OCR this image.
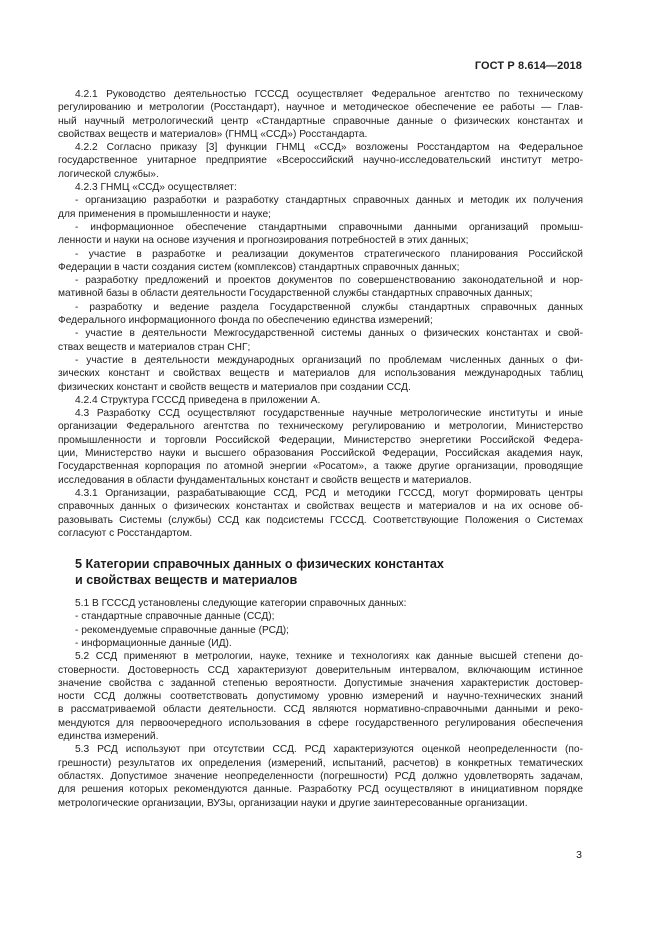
ГОСТ Р 8.614—2018
4.2.1 Руководство деятельностью ГСССД осуществляет Федеральное агентство по техническому
регулированию и метрологии (Росстандарт), научное и методическое обеспечение ее работы — Глав-
ный научный метрологический центр «Стандартные справочные данные о физических константах и
свойствах веществ и материалов» (ГНМЦ «ССД») Росстандарта.
4.2.2 Согласно приказу [3] функции ГНМЦ «ССД» возложены Росстандартом на Федеральное
государственное унитарное предприятие «Всероссийский научно-исследовательский институт метро-
логической службы».
4.2.3 ГНМЦ «ССД» осуществляет:
- организацию разработки и разработку стандартных справочных данных и методик их получения
для применения в промышленности и науке;
- информационное обеспечение стандартными справочными данными организаций промыш-
ленности и науки на основе изучения и прогнозирования потребностей в этих данных;
- участие в разработке и реализации документов стратегического планирования Российской
Федерации в части создания систем (комплексов) стандартных справочных данных;
- разработку предложений и проектов документов по совершенствованию законодательной и нор-
мативной базы в области деятельности Государственной службы стандартных справочных данных;
- разработку и ведение раздела Государственной службы стандартных справочных данных
Федерального информационного фонда по обеспечению единства измерений;
- участие в деятельности Межгосударственной системы данных о физических константах и свой-
ствах веществ и материалов стран СНГ;
- участие в деятельности международных организаций по проблемам численных данных о фи-
зических констант и свойствах веществ и материалов для использования международных таблиц
физических констант и свойств веществ и материалов при создании ССД.
4.2.4 Структура ГСССД приведена в приложении А.
4.3 Разработку ССД осуществляют государственные научные метрологические институты и иные
организации Федерального агентства по техническому регулированию и метрологии, Министерство
промышленности и торговли Российской Федерации, Министерство энергетики Российской Федера-
ции, Министерство науки и высшего образования Российской Федерации, Российская академия наук,
Государственная корпорация по атомной энергии «Росатом», а также другие организации, проводящие
исследования в области фундаментальных констант и свойств веществ и материалов.
4.3.1 Организации, разрабатывающие ССД, РСД и методики ГСССД, могут формировать центры
справочных данных о физических константах и свойствах веществ и материалов и на их основе об-
разовывать Системы (службы) ССД как подсистемы ГСССД. Соответствующие Положения о Системах
согласуют с Росстандартом.
5 Категории справочных данных о физических константах
и свойствах веществ и материалов
5.1 В ГСССД установлены следующие категории справочных данных:
- стандартные справочные данные (ССД);
- рекомендуемые справочные данные (РСД);
- информационные данные (ИД).
5.2 ССД применяют в метрологии, науке, технике и технологиях как данные высшей степени до-
стоверности. Достоверность ССД характеризуют доверительным интервалом, включающим истинное
значение свойства с заданной степенью вероятности. Допустимые значения характеристик достовер-
ности ССД должны соответствовать допустимому уровню измерений и научно-технических знаний
в рассматриваемой области деятельности. ССД являются нормативно-справочными данными и реко-
мендуются для первоочередного использования в сфере государственного регулирования обеспечения
единства измерений.
5.3 РСД используют при отсутствии ССД. РСД характеризуются оценкой неопределенности (по-
грешности) результатов их определения (измерений, испытаний, расчетов) в конкретных тематических
областях. Допустимое значение неопределенности (погрешности) РСД должно удовлетворять задачам,
для решения которых рекомендуются данные. Разработку РСД осуществляют в инициативном порядке
метрологические организации, ВУЗы, организации науки и другие заинтересованные организации.
3
